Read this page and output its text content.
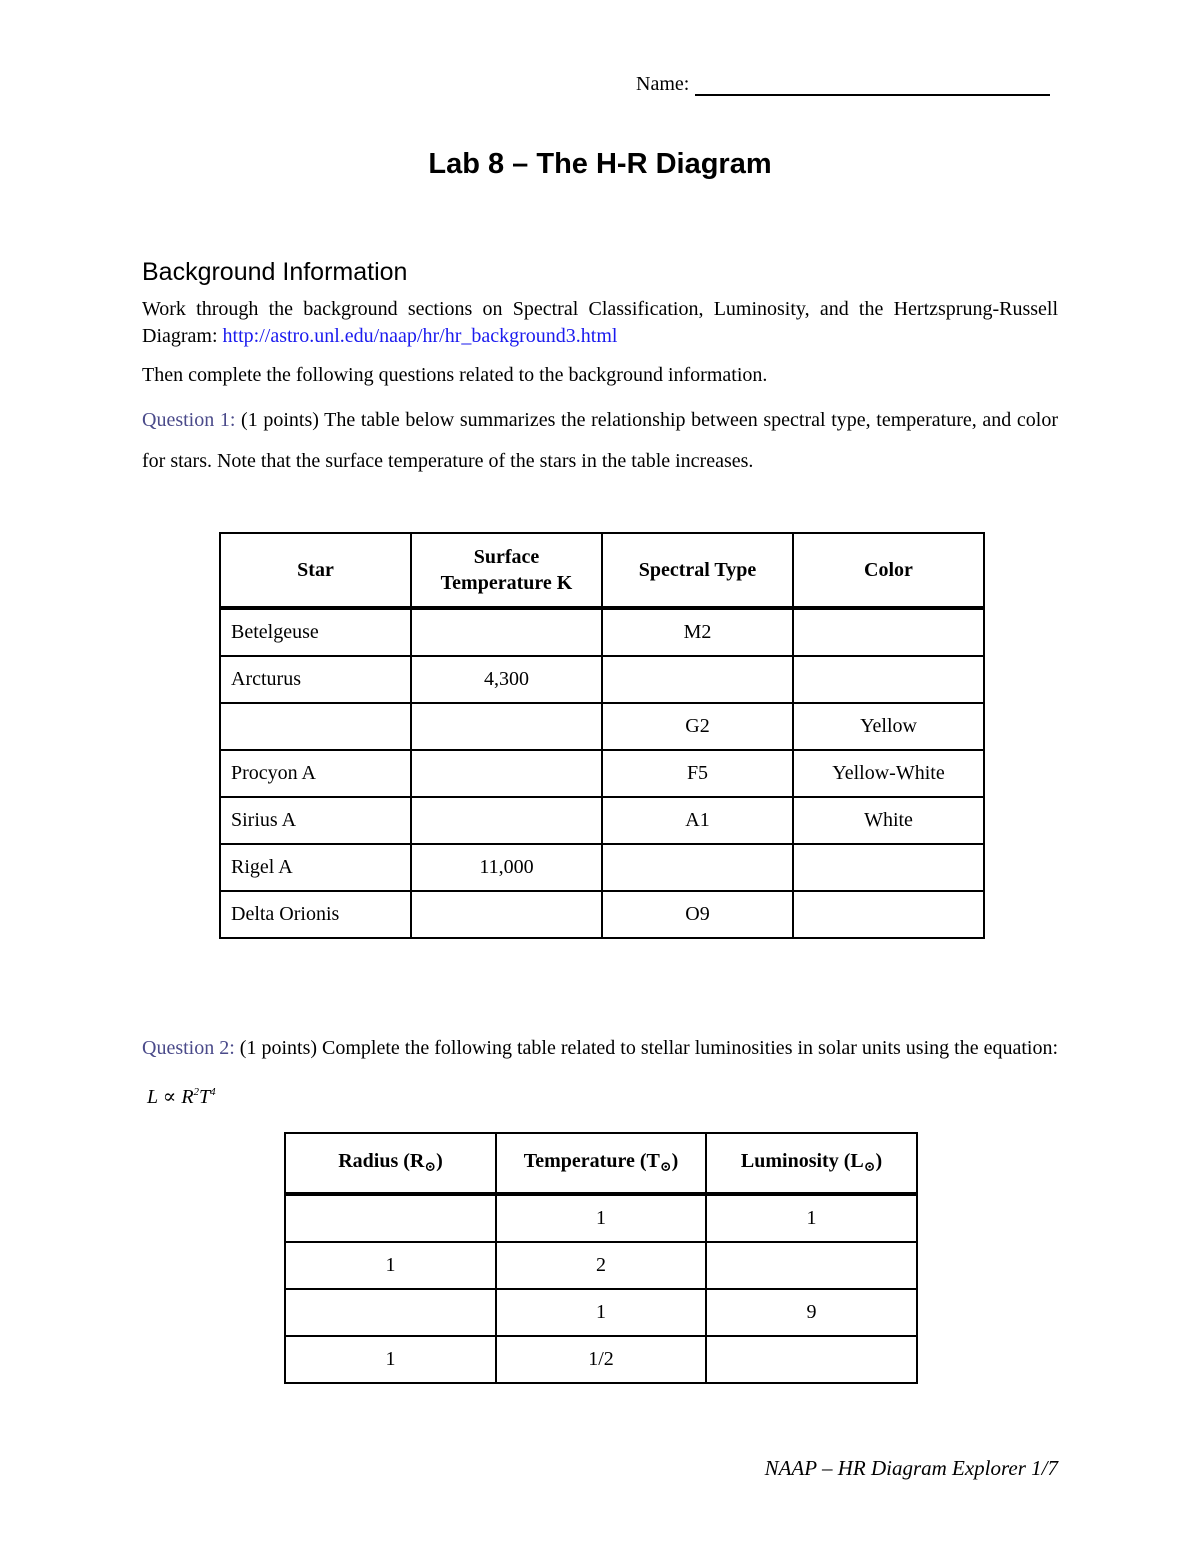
Name:
Lab 8 – The H-R Diagram
Background Information
Work through the background sections on Spectral Classification, Luminosity, and the Hertzsprung-Russell Diagram: http://astro.unl.edu/naap/hr/hr_background3.html
Then complete the following questions related to the background information.
Question 1: (1 points) The table below summarizes the relationship between spectral type, temperature, and color for stars. Note that the surface temperature of the stars in the table increases.
Star	Surface Temperature K	Spectral Type	Color
Betelgeuse		M2	
Arcturus	4,300		
		G2	Yellow
Procyon A		F5	Yellow-White
Sirius A		A1	White
Rigel A	11,000		
Delta Orionis		O9	
Question 2: (1 points) Complete the following table related to stellar luminosities in solar units using the equation:  $L \propto R^2T^4$
Radius $(R_⊙)$	Temperature $(T_⊙)$	Luminosity $(L_⊙)$
	1	1
1	2	
	1	9
1	1/2	
NAAP – HR Diagram Explorer 1/7
